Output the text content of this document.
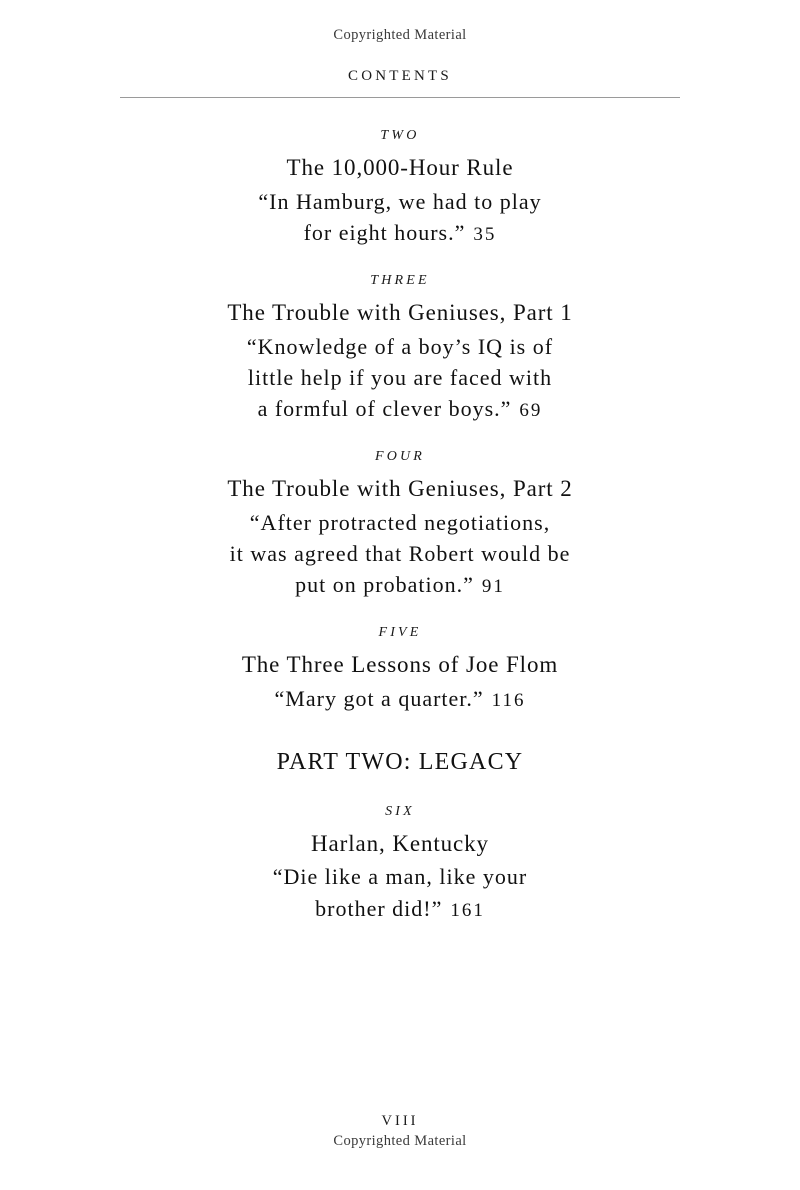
Copyrighted Material
CONTENTS
TWO
The 10,000-Hour Rule
“In Hamburg, we had to play
for eight hours.” 35
THREE
The Trouble with Geniuses, Part 1
“Knowledge of a boy’s IQ is of
little help if you are faced with
a formful of clever boys.” 69
FOUR
The Trouble with Geniuses, Part 2
“After protracted negotiations,
it was agreed that Robert would be
put on probation.” 91
FIVE
The Three Lessons of Joe Flom
“Mary got a quarter.” 116
PART TWO: LEGACY
SIX
Harlan, Kentucky
“Die like a man, like your
brother did!” 161
VIII
Copyrighted Material
